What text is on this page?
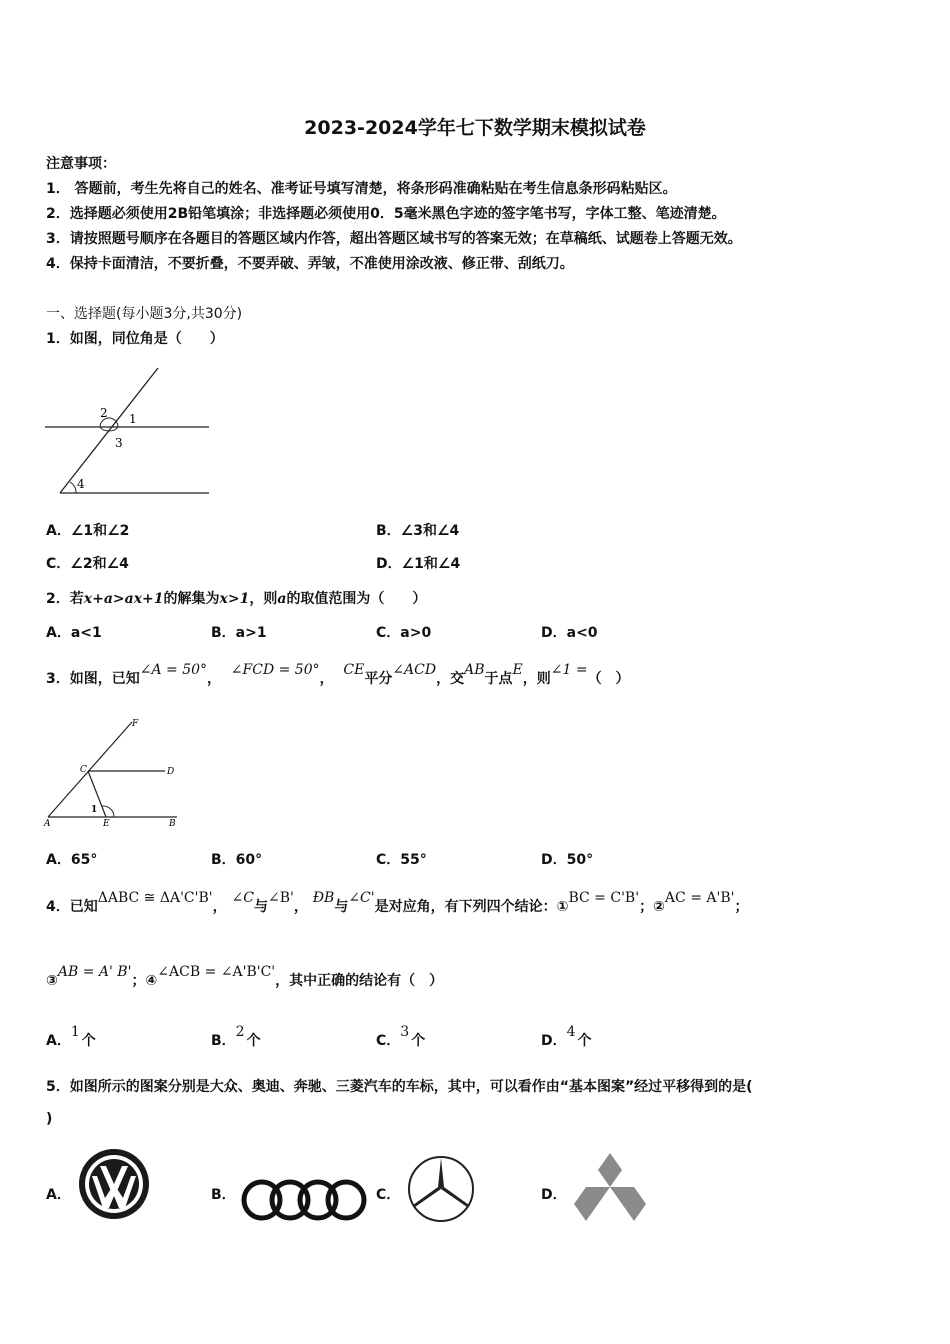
2023-2024学年七下数学期末模拟试卷
注意事项：
1． 答题前，考生先将自己的姓名、准考证号填写清楚，将条形码准确粘贴在考生信息条形码粘贴区。
2．选择题必须使用2B铅笔填涂；非选择题必须使用0．5毫米黑色字迹的签字笔书写，字体工整、笔迹清楚。
3．请按照题号顺序在各题目的答题区域内作答，超出答题区域书写的答案无效；在草稿纸、试题卷上答题无效。
4．保持卡面清洁，不要折叠，不要弄破、弄皱，不准使用涂改液、修正带、刮纸刀。
一、选择题(每小题3分,共30分)
1．如图，同位角是（　　）
2 1
3
4
A．∠1和∠2	B．∠3和∠4
C．∠2和∠4	D．∠1和∠4
2．若x+a>ax+1的解集为x>1，则a的取值范围为（　　）
A．a<1	B．a>1	C．a>0	D．a<0
3．如图，已知∠A = 50°，  ∠FCD = 50°，  CE平分∠ACD，交AB于点E，则∠1 =（　）
F
C	D
1
A	E	B
A．65°	B．60°	C．55°	D．50°
4．已知ΔABC ≅ ΔA'C'B'， ∠C与∠B'， ÐB与∠C'是对应角，有下列四个结论：①BC = C'B'；②AC = A'B'；
③AB = A' B'；④∠ACB = ∠A'B'C'，其中正确的结论有（　）
A．1个	B．2个	C．3个	D．4个
5．如图所示的图案分别是大众、奥迪、奔驰、三菱汽车的车标，其中，可以看作由“基本图案”经过平移得到的是(
)
A．	B．	C．	D．
